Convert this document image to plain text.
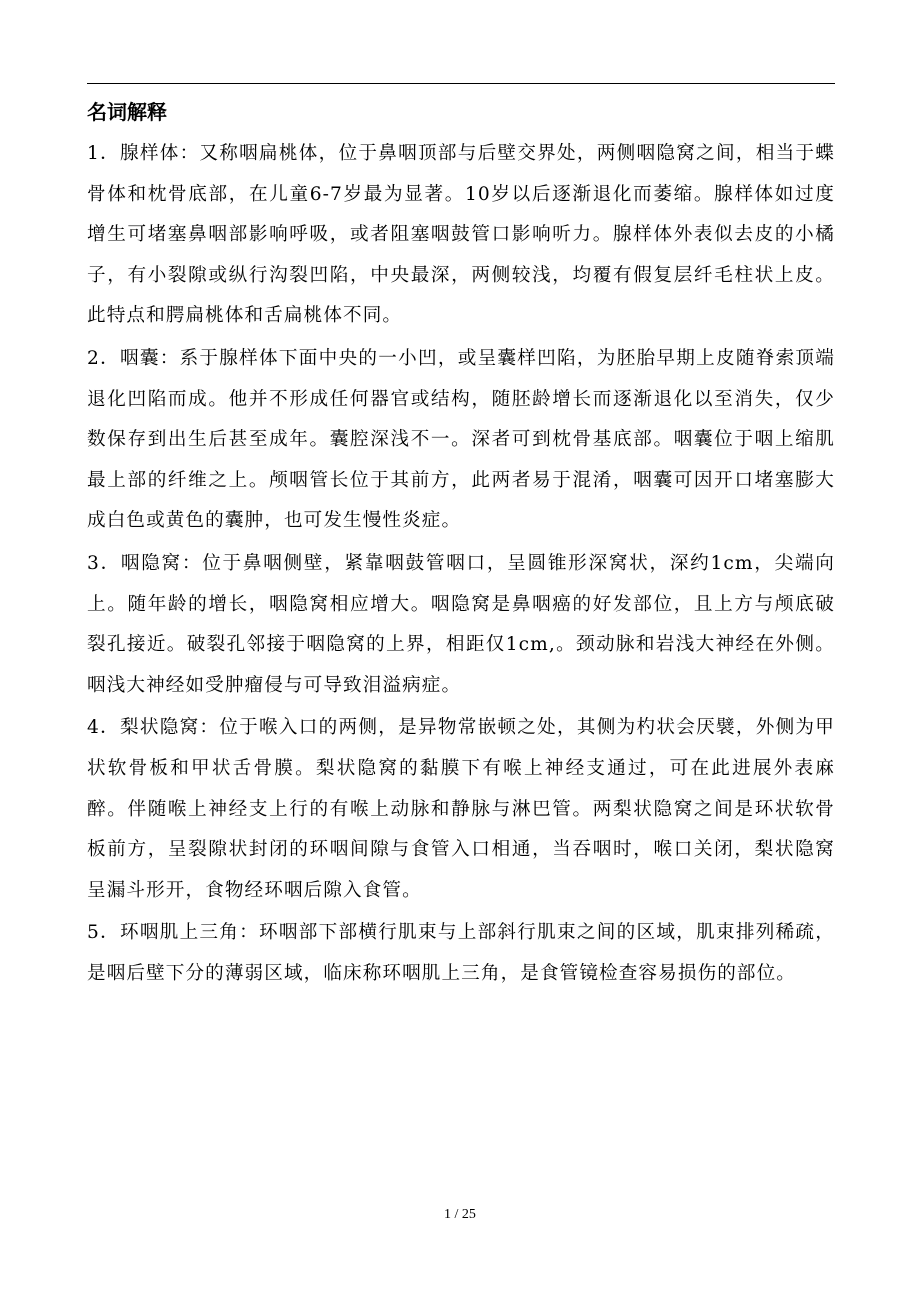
名词解释

1．腺样体：又称咽扁桃体，位于鼻咽顶部与后壁交界处，两侧咽隐窝之间，相当于蝶骨体和枕骨底部，在儿童6-7岁最为显著。10岁以后逐渐退化而萎缩。腺样体如过度增生可堵塞鼻咽部影响呼吸，或者阻塞咽鼓管口影响听力。腺样体外表似去皮的小橘子，有小裂隙或纵行沟裂凹陷，中央最深，两侧较浅，均覆有假复层纤毛柱状上皮。此特点和腭扁桃体和舌扁桃体不同。

2．咽囊：系于腺样体下面中央的一小凹，或呈囊样凹陷，为胚胎早期上皮随脊索顶端退化凹陷而成。他并不形成任何器官或结构，随胚龄增长而逐渐退化以至消失，仅少数保存到出生后甚至成年。囊腔深浅不一。深者可到枕骨基底部。咽囊位于咽上缩肌最上部的纤维之上。颅咽管长位于其前方，此两者易于混淆，咽囊可因开口堵塞膨大成白色或黄色的囊肿，也可发生慢性炎症。

3．咽隐窝：位于鼻咽侧壁，紧靠咽鼓管咽口，呈圆锥形深窝状，深约1cm，尖端向上。随年龄的增长，咽隐窝相应增大。咽隐窝是鼻咽癌的好发部位，且上方与颅底破裂孔接近。破裂孔邻接于咽隐窝的上界，相距仅1cm,。颈动脉和岩浅大神经在外侧。咽浅大神经如受肿瘤侵与可导致泪溢病症。

4．梨状隐窝：位于喉入口的两侧，是异物常嵌顿之处，其侧为杓状会厌襞，外侧为甲状软骨板和甲状舌骨膜。梨状隐窝的黏膜下有喉上神经支通过，可在此进展外表麻醉。伴随喉上神经支上行的有喉上动脉和静脉与淋巴管。两梨状隐窝之间是环状软骨板前方，呈裂隙状封闭的环咽间隙与食管入口相通，当吞咽时，喉口关闭，梨状隐窝呈漏斗形开，食物经环咽后隙入食管。

5．环咽肌上三角：环咽部下部横行肌束与上部斜行肌束之间的区域，肌束排列稀疏，是咽后壁下分的薄弱区域，临床称环咽肌上三角，是食管镜检查容易损伤的部位。

1 / 25
